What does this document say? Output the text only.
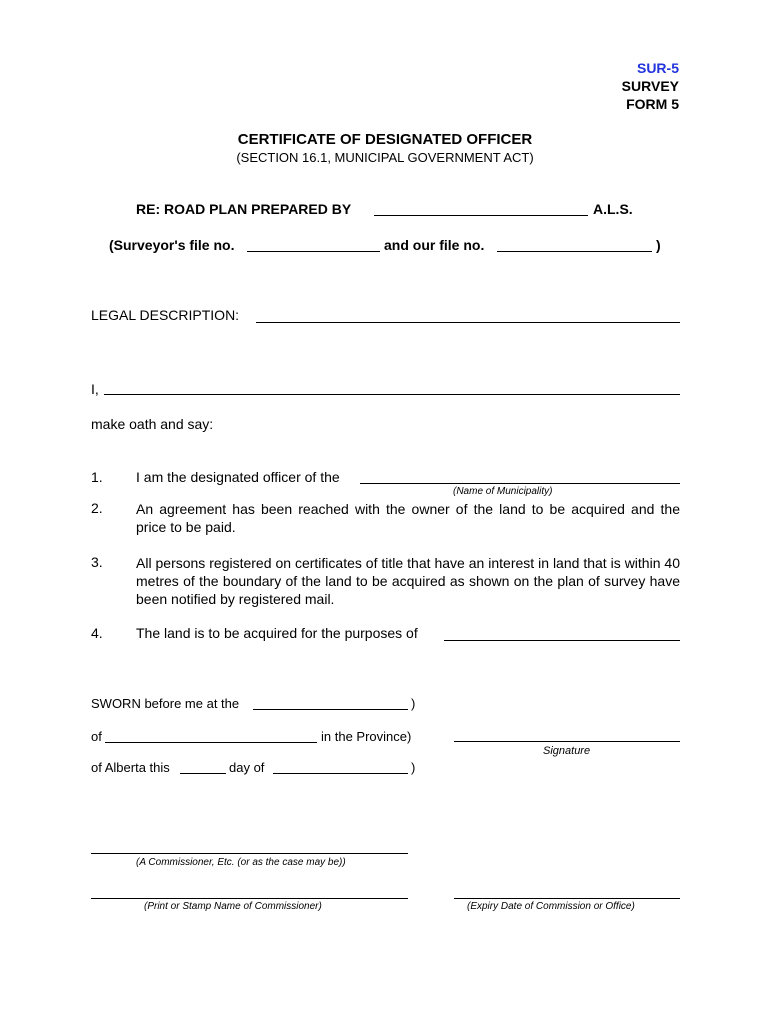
SUR-5
SURVEY
FORM 5
CERTIFICATE OF DESIGNATED OFFICER
(SECTION 16.1, MUNICIPAL GOVERNMENT ACT)
RE: ROAD PLAN PREPARED BY	A.L.S.
(Surveyor's file no.	and our file no.	)
LEGAL DESCRIPTION:
I,
make oath and say:
1. I am the designated officer of the
(Name of Municipality)
2. An agreement has been reached with the owner of the land to be acquired and the price to be paid.
3. All persons registered on certificates of title that have an interest in land that is within 40 metres of the boundary of the land to be acquired as shown on the plan of survey have been notified by registered mail.
4. The land is to be acquired for the purposes of
SWORN before me at the	)
of	in the Province)
of Alberta this	day of	)
Signature
(A Commissioner, Etc. (or as the case may be))
(Print or Stamp Name of Commissioner)	(Expiry Date of Commission or Office)
